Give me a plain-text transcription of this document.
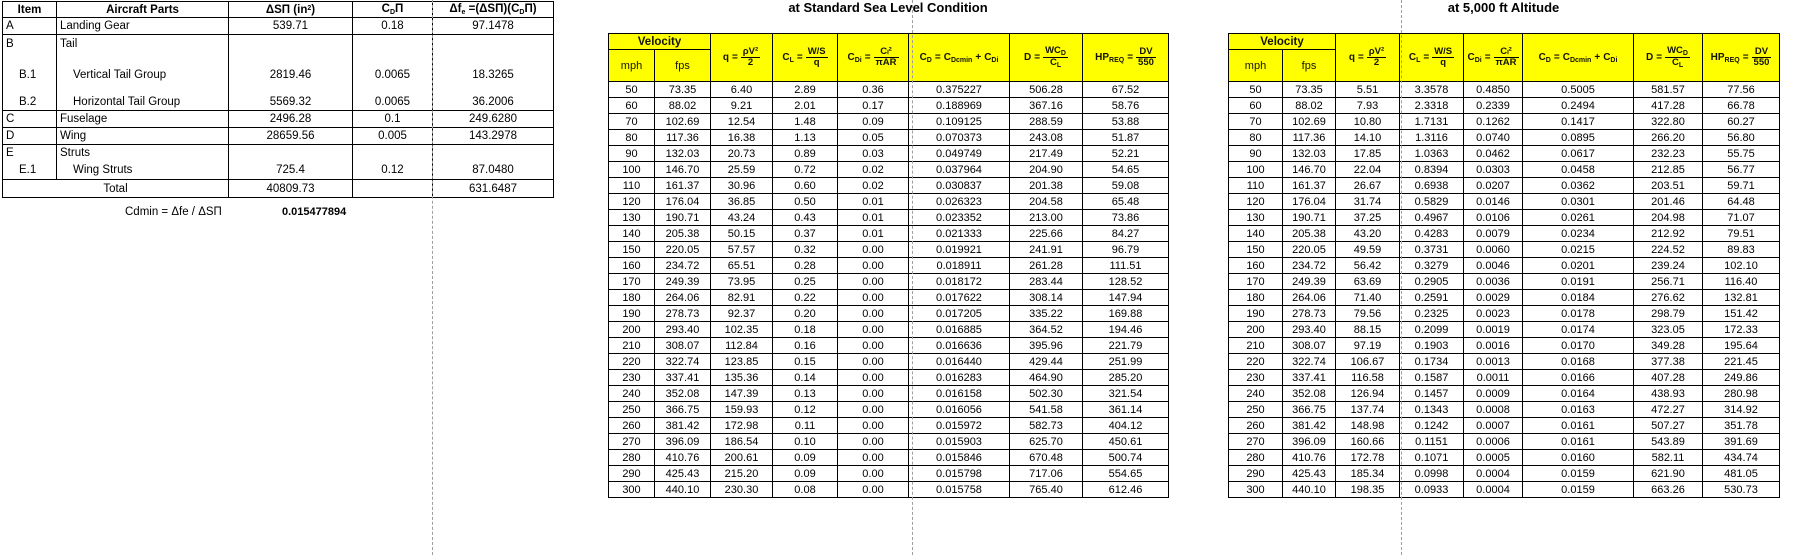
Item	Aircraft Parts	ΔSΠ $(in^2)$	$C_D\Pi$	$\Delta f_e =(\Delta S\Pi)(C_D\Pi)$
A	Landing Gear	539.71	0.18	97.1478
B	Tail			
B.1	Vertical Tail Group	2819.46	0.0065	18.3265
B.2	Horizontal Tail Group	5569.32	0.0065	36.2006
C	Fuselage	2496.28	0.1	249.6280
D	Wing	28659.56	0.005	143.2978
E	Struts			
E.1	Wing Struts	725.4	0.12	87.0480
Total		40809.73		631.6487
Cdmin = Δfe / ΔSΠ	0.015477894
at Standard Sea Level Condition
Velocity		$q = \frac{\text{ρV²}}{2}$	$C_L = \frac{W/S}{q}$	$C_{Di} = \frac{\text{Cₗ²}}{\text{πAR}}$	$C_D = C_{Dcmin} + C_{Di}$	$D = \frac{WC_D}{C_L}$	$HP_{REQ} = \frac{DV}{550}$

mph	fps						
50	73.35	6.40	2.89	0.36	0.375227	506.28	67.52
60	88.02	9.21	2.01	0.17	0.188969	367.16	58.76
70	102.69	12.54	1.48	0.09	0.109125	288.59	53.88
80	117.36	16.38	1.13	0.05	0.070373	243.08	51.87
90	132.03	20.73	0.89	0.03	0.049749	217.49	52.21
100	146.70	25.59	0.72	0.02	0.037964	204.90	54.65
110	161.37	30.96	0.60	0.02	0.030837	201.38	59.08
120	176.04	36.85	0.50	0.01	0.026323	204.58	65.48
130	190.71	43.24	0.43	0.01	0.023352	213.00	73.86
140	205.38	50.15	0.37	0.01	0.021333	225.66	84.27
150	220.05	57.57	0.32	0.00	0.019921	241.91	96.79
160	234.72	65.51	0.28	0.00	0.018911	261.28	111.51
170	249.39	73.95	0.25	0.00	0.018172	283.44	128.52
180	264.06	82.91	0.22	0.00	0.017622	308.14	147.94
190	278.73	92.37	0.20	0.00	0.017205	335.22	169.88
200	293.40	102.35	0.18	0.00	0.016885	364.52	194.46
210	308.07	112.84	0.16	0.00	0.016636	395.96	221.79
220	322.74	123.85	0.15	0.00	0.016440	429.44	251.99
230	337.41	135.36	0.14	0.00	0.016283	464.90	285.20
240	352.08	147.39	0.13	0.00	0.016158	502.30	321.54
250	366.75	159.93	0.12	0.00	0.016056	541.58	361.14
260	381.42	172.98	0.11	0.00	0.015972	582.73	404.12
270	396.09	186.54	0.10	0.00	0.015903	625.70	450.61
280	410.76	200.61	0.09	0.00	0.015846	670.48	500.74
290	425.43	215.20	0.09	0.00	0.015798	717.06	554.65
300	440.10	230.30	0.08	0.00	0.015758	765.40	612.46
at 5,000 ft Altitude
Velocity		$q = \frac{\text{ρV²}}{2}$	$C_L = \frac{W/S}{q}$	$C_{Di} = \frac{\text{Cₗ²}}{\text{πAR}}$	$C_D = C_{Dcmin} + C_{Di}$	$D = \frac{WC_D}{C_L}$	$HP_{REQ} = \frac{DV}{550}$

mph	fps						
50	73.35	5.51	3.3578	0.4850	0.5005	581.57	77.56
60	88.02	7.93	2.3318	0.2339	0.2494	417.28	66.78
70	102.69	10.80	1.7131	0.1262	0.1417	322.80	60.27
80	117.36	14.10	1.3116	0.0740	0.0895	266.20	56.80
90	132.03	17.85	1.0363	0.0462	0.0617	232.23	55.75
100	146.70	22.04	0.8394	0.0303	0.0458	212.85	56.77
110	161.37	26.67	0.6938	0.0207	0.0362	203.51	59.71
120	176.04	31.74	0.5829	0.0146	0.0301	201.46	64.48
130	190.71	37.25	0.4967	0.0106	0.0261	204.98	71.07
140	205.38	43.20	0.4283	0.0079	0.0234	212.92	79.51
150	220.05	49.59	0.3731	0.0060	0.0215	224.52	89.83
160	234.72	56.42	0.3279	0.0046	0.0201	239.24	102.10
170	249.39	63.69	0.2905	0.0036	0.0191	256.71	116.40
180	264.06	71.40	0.2591	0.0029	0.0184	276.62	132.81
190	278.73	79.56	0.2325	0.0023	0.0178	298.79	151.42
200	293.40	88.15	0.2099	0.0019	0.0174	323.05	172.33
210	308.07	97.19	0.1903	0.0016	0.0170	349.28	195.64
220	322.74	106.67	0.1734	0.0013	0.0168	377.38	221.45
230	337.41	116.58	0.1587	0.0011	0.0166	407.28	249.86
240	352.08	126.94	0.1457	0.0009	0.0164	438.93	280.98
250	366.75	137.74	0.1343	0.0008	0.0163	472.27	314.92
260	381.42	148.98	0.1242	0.0007	0.0161	507.27	351.78
270	396.09	160.66	0.1151	0.0006	0.0161	543.89	391.69
280	410.76	172.78	0.1071	0.0005	0.0160	582.11	434.74
290	425.43	185.34	0.0998	0.0004	0.0159	621.90	481.05
300	440.10	198.35	0.0933	0.0004	0.0159	663.26	530.73
